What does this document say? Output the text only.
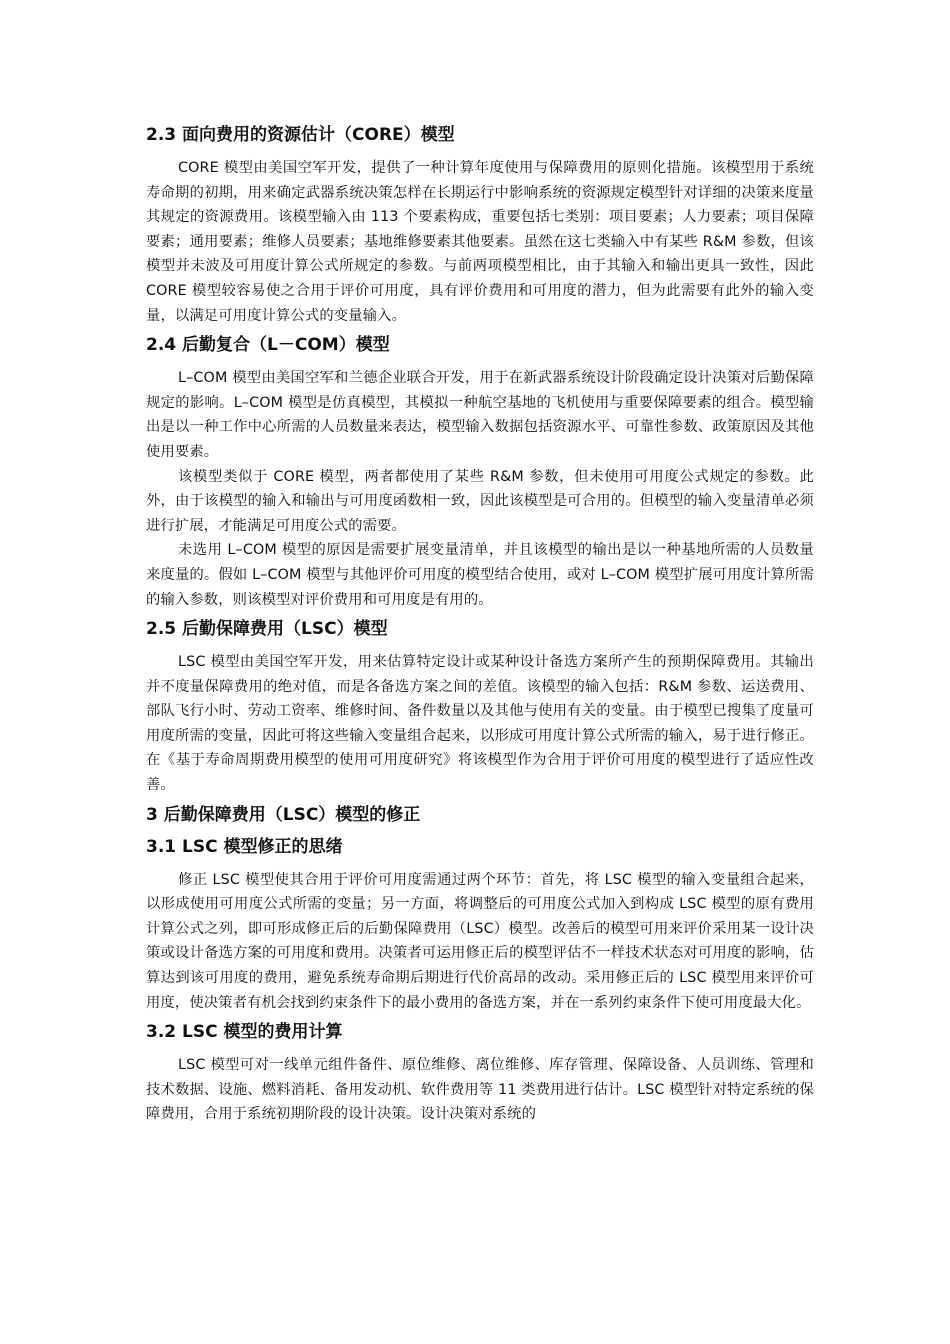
2.3 面向费用的资源估计（CORE）模型

CORE 模型由美国空军开发，提供了一种计算年度使用与保障费用的原则化措施。该模型用于系统寿命期的初期，用来确定武器系统决策怎样在长期运行中影响系统的资源规定模型针对详细的决策来度量其规定的资源费用。该模型输入由 113 个要素构成，重要包括七类别：项目要素；人力要素；项目保障要素；通用要素；维修人员要素；基地维修要素其他要素。虽然在这七类输入中有某些 R&M 参数，但该模型并未波及可用度计算公式所规定的参数。与前两项模型相比，由于其输入和输出更具一致性，因此 CORE 模型较容易使之合用于评价可用度，具有评价费用和可用度的潜力，但为此需要有此外的输入变量，以满足可用度计算公式的变量输入。

2.4 后勤复合（L－COM）模型

L–COM 模型由美国空军和兰德企业联合开发，用于在新武器系统设计阶段确定设计决策对后勤保障规定的影响。L–COM 模型是仿真模型，其模拟一种航空基地的飞机使用与重要保障要素的组合。模型输出是以一种工作中心所需的人员数量来表达，模型输入数据包括资源水平、可靠性参数、政策原因及其他使用要素。

该模型类似于 CORE 模型，两者都使用了某些 R&M 参数，但未使用可用度公式规定的参数。此外，由于该模型的输入和输出与可用度函数相一致，因此该模型是可合用的。但模型的输入变量清单必须进行扩展，才能满足可用度公式的需要。

未选用 L–COM 模型的原因是需要扩展变量清单，并且该模型的输出是以一种基地所需的人员数量来度量的。假如 L–COM 模型与其他评价可用度的模型结合使用，或对 L–COM 模型扩展可用度计算所需的输入参数，则该模型对评价费用和可用度是有用的。

2.5 后勤保障费用（LSC）模型

LSC 模型由美国空军开发，用来估算特定设计或某种设计备选方案所产生的预期保障费用。其输出并不度量保障费用的绝对值，而是各备选方案之间的差值。该模型的输入包括：R&M 参数、运送费用、部队飞行小时、劳动工资率、维修时间、备件数量以及其他与使用有关的变量。由于模型已搜集了度量可用度所需的变量，因此可将这些输入变量组合起来，以形成可用度计算公式所需的输入，易于进行修正。在《基于寿命周期费用模型的使用可用度研究》将该模型作为合用于评价可用度的模型进行了适应性改善。

3 后勤保障费用（LSC）模型的修正
3.1 LSC 模型修正的思绪

修正 LSC 模型使其合用于评价可用度需通过两个环节：首先，将 LSC 模型的输入变量组合起来，以形成使用可用度公式所需的变量；另一方面，将调整后的可用度公式加入到构成 LSC 模型的原有费用计算公式之列，即可形成修正后的后勤保障费用（LSC）模型。改善后的模型可用来评价采用某一设计决策或设计备选方案的可用度和费用。决策者可运用修正后的模型评估不一样技术状态对可用度的影响，估算达到该可用度的费用，避免系统寿命期后期进行代价高昂的改动。采用修正后的 LSC 模型用来评价可用度，使决策者有机会找到约束条件下的最小费用的备选方案，并在一系列约束条件下使可用度最大化。

3.2 LSC 模型的费用计算

LSC 模型可对一线单元组件备件、原位维修、离位维修、库存管理、保障设备、人员训练、管理和技术数据、设施、燃料消耗、备用发动机、软件费用等 11 类费用进行估计。LSC 模型针对特定系统的保障费用，合用于系统初期阶段的设计决策。设计决策对系统的
